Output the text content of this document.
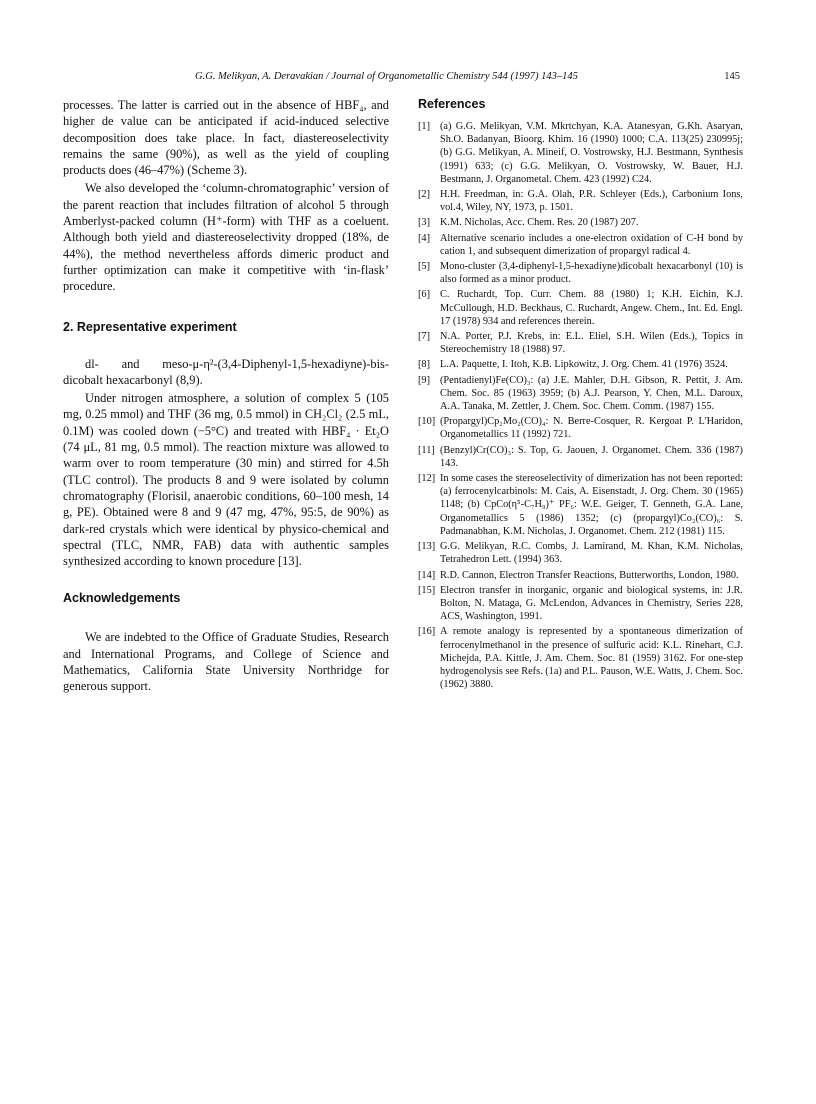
G.G. Melikyan, A. Deravakian / Journal of Organometallic Chemistry 544 (1997) 143–145	145

processes. The latter is carried out in the absence of HBF₄, and higher de value can be anticipated if acid-induced selective decomposition does take place. In fact, diastereoselectivity remains the same (90%), as well as the yield of coupling products does (46–47%) (Scheme 3).

We also developed the ‘column-chromatographic’ version of the parent reaction that includes filtration of alcohol 5 through Amberlyst-packed column (H⁺-form) with THF as a coeluent. Although both yield and diastereoselectivity dropped (18%, de 44%), the method nevertheless affords dimeric product and further optimization can make it competitive with ‘in-flask’ procedure.

2. Representative experiment

dl- and meso-μ-η²-(3,4-Diphenyl-1,5-hexadiyne)-bis-dicobalt hexacarbonyl (8,9).

Under nitrogen atmosphere, a solution of complex 5 (105 mg, 0.25 mmol) and THF (36 mg, 0.5 mmol) in CH₂Cl₂ (2.5 mL, 0.1M) was cooled down (−5°C) and treated with HBF₄ · Et₂O (74 μL, 81 mg, 0.5 mmol). The reaction mixture was allowed to warm over to room temperature (30 min) and stirred for 4.5h (TLC control). The products 8 and 9 were isolated by column chromatography (Florisil, anaerobic conditions, 60–100 mesh, 14 g, PE). Obtained were 8 and 9 (47 mg, 47%, 95:5, de 90%) as dark-red crystals which were identical by physico-chemical and spectral (TLC, NMR, FAB) data with authentic samples synthesized according to known procedure [13].

Acknowledgements

We are indebted to the Office of Graduate Studies, Research and International Programs, and College of Science and Mathematics, California State University Northridge for generous support.

References
[1] (a) G.G. Melikyan, V.M. Mkrtchyan, K.A. Atanesyan, G.Kh. Asaryan, Sh.O. Badanyan, Bioorg. Khim. 16 (1990) 1000; C.A. 113(25) 230995j; (b) G.G. Melikyan, A. Mineif, O. Vostrowsky, H.J. Bestmann, Synthesis (1991) 633; (c) G.G. Melikyan, O. Vostrowsky, W. Bauer, H.J. Bestmann, J. Organometal. Chem. 423 (1992) C24.
[2] H.H. Freedman, in: G.A. Olah, P.R. Schleyer (Eds.), Carbonium Ions, vol.4, Wiley, NY, 1973, p. 1501.
[3] K.M. Nicholas, Acc. Chem. Res. 20 (1987) 207.
[4] Alternative scenario includes a one-electron oxidation of C-H bond by cation 1, and subsequent dimerization of propargyl radical 4.
[5] Mono-cluster (3,4-diphenyl-1,5-hexadiyne)dicobalt hexacarbonyl (10) is also formed as a minor product.
[6] C. Ruchardt, Top. Curr. Chem. 88 (1980) 1; K.H. Eichin, K.J. McCullough, H.D. Beckhaus, C. Ruchardt, Angew. Chem., Int. Ed. Engl. 17 (1978) 934 and references therein.
[7] N.A. Porter, P.J. Krebs, in: E.L. Eliel, S.H. Wilen (Eds.), Topics in Stereochemistry 18 (1988) 97.
[8] L.A. Paquette, I. Itoh, K.B. Lipkowitz, J. Org. Chem. 41 (1976) 3524.
[9] (Pentadienyl)Fe(CO)₃: (a) J.E. Mahler, D.H. Gibson, R. Pettit, J. Am. Chem. Soc. 85 (1963) 3959; (b) A.J. Pearson, Y. Chen, M.L. Daroux, A.A. Tanaka, M. Zettler, J. Chem. Soc. Chem. Comm. (1987) 155.
[10] (Propargyl)Cp₂Mo₂(CO)₄: N. Berre-Cosquer, R. Kergoat P. L'Haridon, Organometallics 11 (1992) 721.
[11] (Benzyl)Cr(CO)₃: S. Top, G. Jaouen, J. Organomet. Chem. 336 (1987) 143.
[12] In some cases the stereoselectivity of dimerization has not been reported: (a) ferrocenylcarbinols: M. Cais, A. Eisenstadt, J. Org. Chem. 30 (1965) 1148; (b) CpCo(η⁵-C₇H₉)⁺ PF₆: W.E. Geiger, T. Genneth, G.A. Lane, Organometallics 5 (1986) 1352; (c) (propargyl)Co₂(CO)₆: S. Padmanabhan, K.M. Nicholas, J. Organomet. Chem. 212 (1981) 115.
[13] G.G. Melikyan, R.C. Combs, J. Lamirand, M. Khan, K.M. Nicholas, Tetrahedron Lett. (1994) 363.
[14] R.D. Cannon, Electron Transfer Reactions, Butterworths, London, 1980.
[15] Electron transfer in inorganic, organic and biological systems, in: J.R. Bolton, N. Mataga, G. McLendon, Advances in Chemistry, Series 228, ACS, Washington, 1991.
[16] A remote analogy is represented by a spontaneous dimerization of ferrocenylmethanol in the presence of sulfuric acid: K.L. Rinehart, C.J. Michejda, P.A. Kittle, J. Am. Chem. Soc. 81 (1959) 3162. For one-step hydrogenolysis see Refs. (1a) and P.L. Pauson, W.E. Watts, J. Chem. Soc. (1962) 3880.
